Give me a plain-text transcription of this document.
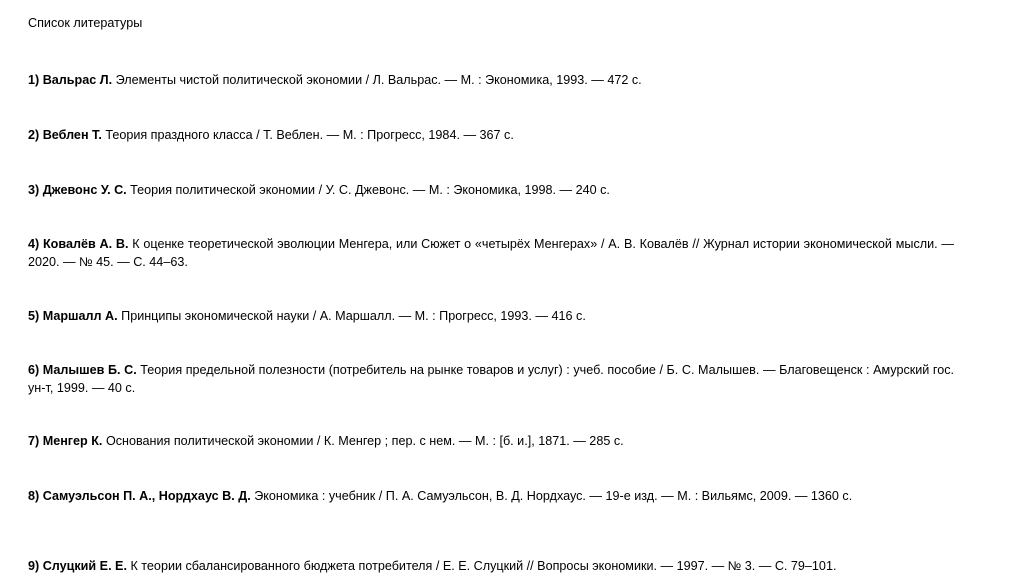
Список литературы

1) Вальрас Л. Элементы чистой политической экономии / Л. Вальрас. — М. : Экономика, 1993. — 472 с.

2) Веблен Т. Теория праздного класса / Т. Веблен. — М. : Прогресс, 1984. — 367 с.

3) Джевонс У. С. Теория политической экономии / У. С. Джевонс. — М. : Экономика, 1998. — 240 с.

4) Ковалёв А. В. К оценке теоретической эволюции Менгера, или Сюжет о «четырёх Менгерах» / А. В. Ковалёв // Журнал истории экономической мысли. — 2020. — № 45. — С. 44–63.

5) Маршалл А. Принципы экономической науки / А. Маршалл. — М. : Прогресс, 1993. — 416 с.

6) Малышев Б. С. Теория предельной полезности (потребитель на рынке товаров и услуг) : учеб. пособие / Б. С. Малышев. — Благовещенск : Амурский гос. ун-т, 1999. — 40 с.

7) Менгер К. Основания политической экономии / К. Менгер ; пер. с нем. — М. : [б. и.], 1871. — 285 с.

8) Самуэльсон П. А., Нордхаус В. Д. Экономика : учебник / П. А. Самуэльсон, В. Д. Нордхаус. — 19-е изд. — М. : Вильямс, 2009. — 1360 с.

9) Слуцкий Е. Е. К теории сбалансированного бюджета потребителя / Е. Е. Слуцкий // Вопросы экономики. — 1997. — № 3. — С. 79–101.
